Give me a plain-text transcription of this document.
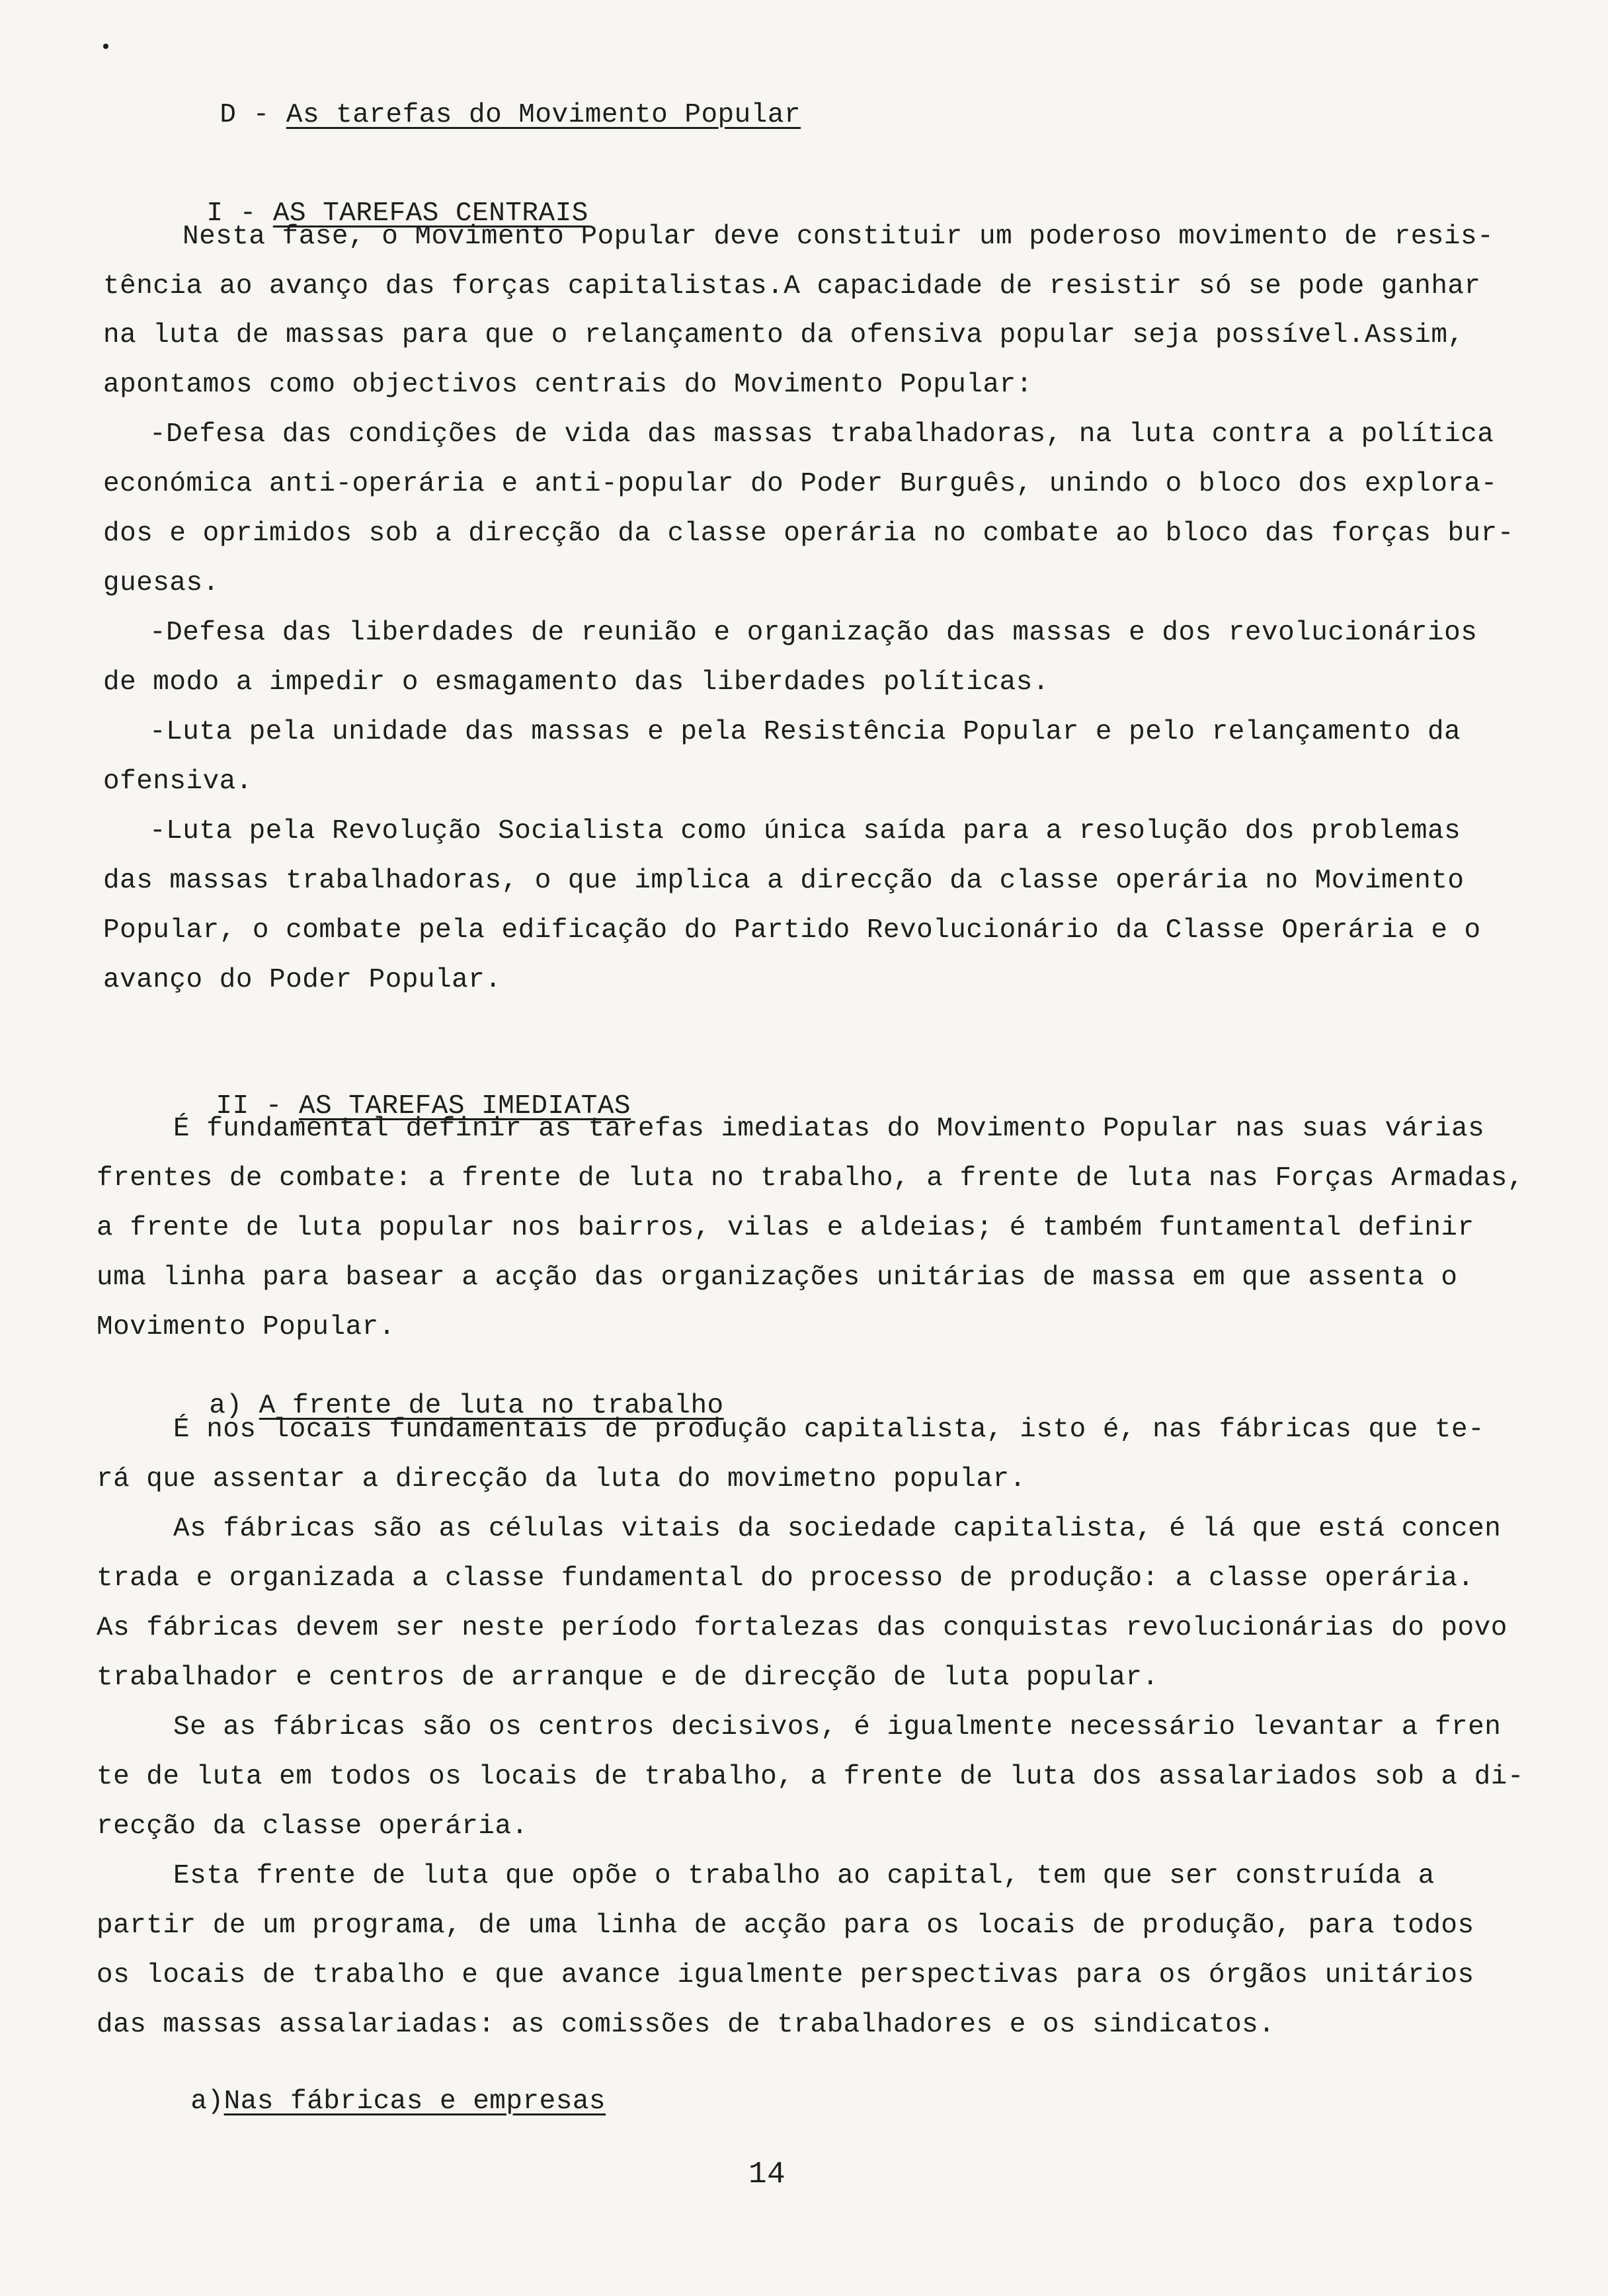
D - As tarefas do Movimento Popular

I - AS TAREFAS CENTRAIS

Nesta fase, o Movimento Popular deve constituir um poderoso movimento de resis-
tência ao avanço das forças capitalistas.A capacidade de resistir só se pode ganhar
na luta de massas para que o relançamento da ofensiva popular seja possível.Assim,
apontamos como objectivos centrais do Movimento Popular:
-Defesa das condições de vida das massas trabalhadoras, na luta contra a política
económica anti-operária e anti-popular do Poder Burguês, unindo o bloco dos explora-
dos e oprimidos sob a direcção da classe operária no combate ao bloco das forças bur-
guesas.
-Defesa das liberdades de reunião e organização das massas e dos revolucionários
de modo a impedir o esmagamento das liberdades políticas.
-Luta pela unidade das massas e pela Resistência Popular e pelo relançamento da
ofensiva.
-Luta pela Revolução Socialista como única saída para a resolução dos problemas
das massas trabalhadoras, o que implica a direcção da classe operária no Movimento
Popular, o combate pela edificação do Partido Revolucionário da Classe Operária e o
avanço do Poder Popular.

II - AS TAREFAS IMEDIATAS

É fundamental definir as tarefas imediatas do Movimento Popular nas suas várias
frentes de combate: a frente de luta no trabalho, a frente de luta nas Forças Armadas,
a frente de luta popular nos bairros, vilas e aldeias; é também funtamental definir
uma linha para basear a acção das organizações unitárias de massa em que assenta o
Movimento Popular.

a) A frente de luta no trabalho

É nos locais fundamentais de produção capitalista, isto é, nas fábricas que te-
rá que assentar a direcção da luta do movimetno popular.
As fábricas são as células vitais da sociedade capitalista, é lá que está concen
trada e organizada a classe fundamental do processo de produção: a classe operária.
As fábricas devem ser neste período fortalezas das conquistas revolucionárias do povo
trabalhador e centros de arranque e de direcção de luta popular.
Se as fábricas são os centros decisivos, é igualmente necessário levantar a fren
te de luta em todos os locais de trabalho, a frente de luta dos assalariados sob a di-
recção da classe operária.
Esta frente de luta que opõe o trabalho ao capital, tem que ser construída a
partir de um programa, de uma linha de acção para os locais de produção, para todos
os locais de trabalho e que avance igualmente perspectivas para os órgãos unitários
das massas assalariadas: as comissões de trabalhadores e os sindicatos.

a)Nas fábricas e empresas

14
